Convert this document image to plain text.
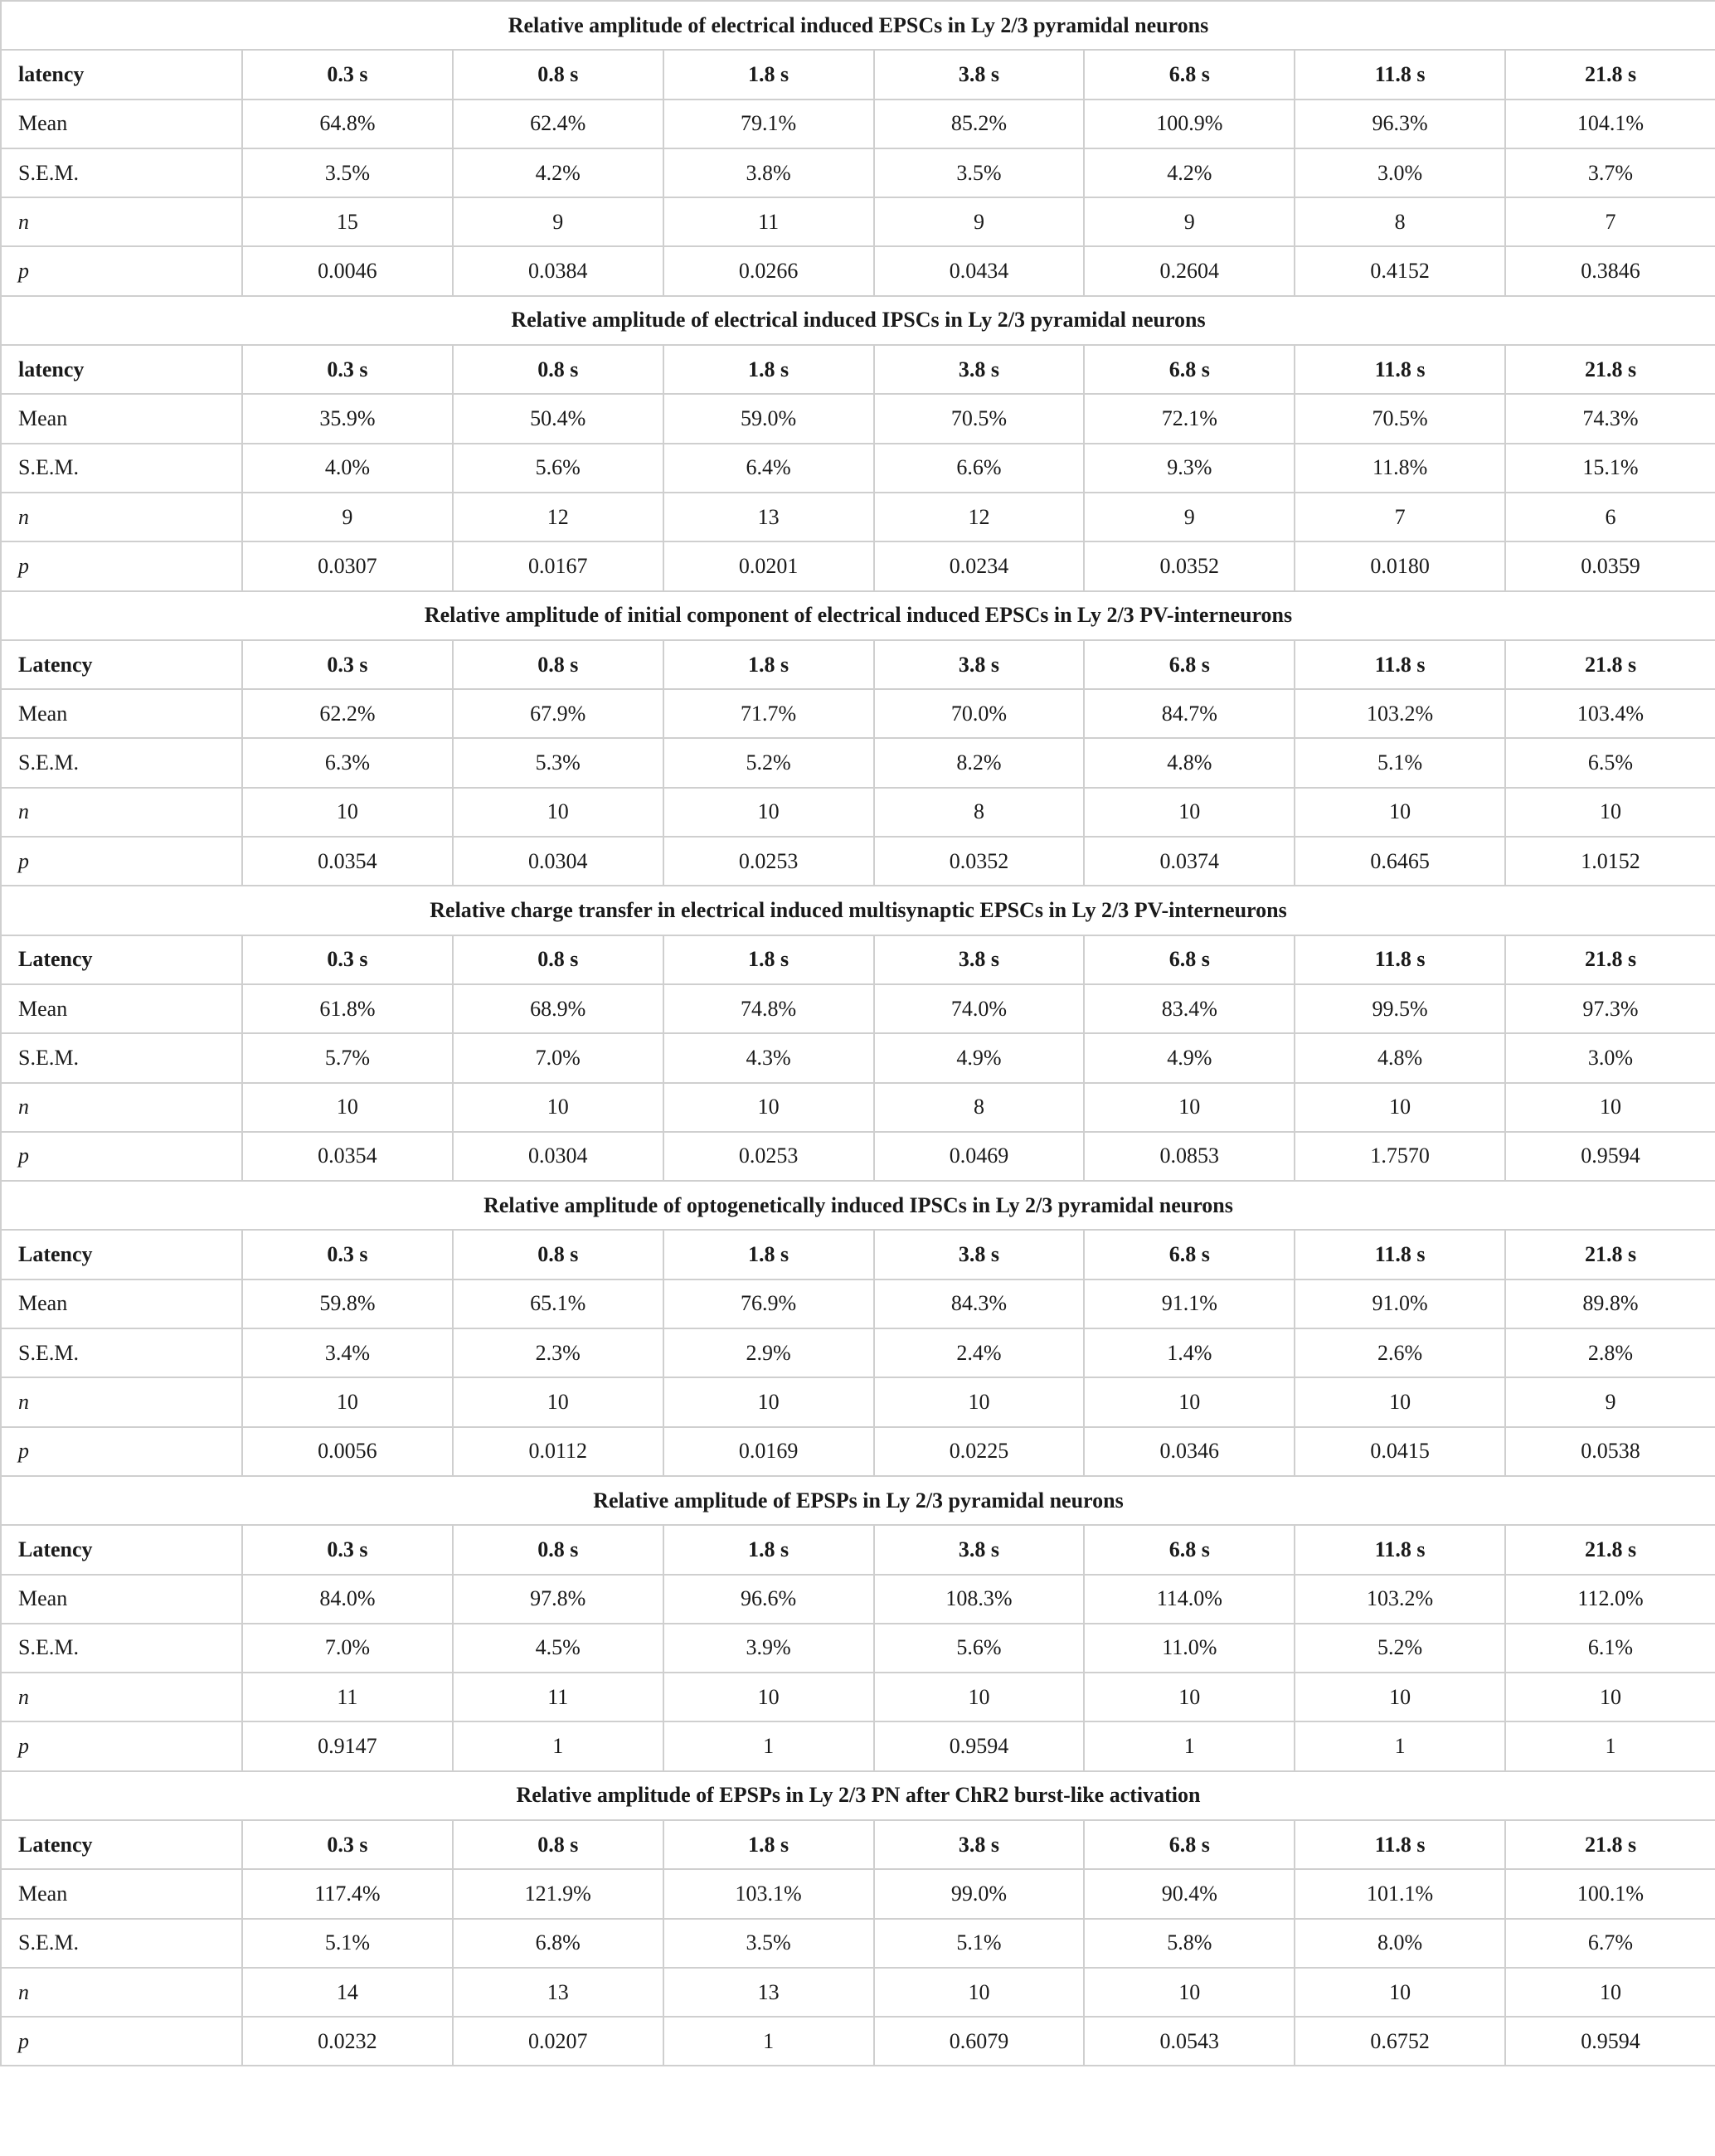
Relative amplitude of electrical induced EPSCs in Ly 2/3 pyramidal neurons							
latency	0.3 s	0.8 s	1.8 s	3.8 s	6.8 s	11.8 s	21.8 s
Mean	64.8%	62.4%	79.1%	85.2%	100.9%	96.3%	104.1%
S.E.M.	3.5%	4.2%	3.8%	3.5%	4.2%	3.0%	3.7%
n	15	9	11	9	9	8	7
p	0.0046	0.0384	0.0266	0.0434	0.2604	0.4152	0.3846
Relative amplitude of electrical induced IPSCs in Ly 2/3 pyramidal neurons							
latency	0.3 s	0.8 s	1.8 s	3.8 s	6.8 s	11.8 s	21.8 s
Mean	35.9%	50.4%	59.0%	70.5%	72.1%	70.5%	74.3%
S.E.M.	4.0%	5.6%	6.4%	6.6%	9.3%	11.8%	15.1%
n	9	12	13	12	9	7	6
p	0.0307	0.0167	0.0201	0.0234	0.0352	0.0180	0.0359
Relative amplitude of initial component of electrical induced EPSCs in Ly 2/3 PV-interneurons							
Latency	0.3 s	0.8 s	1.8 s	3.8 s	6.8 s	11.8 s	21.8 s
Mean	62.2%	67.9%	71.7%	70.0%	84.7%	103.2%	103.4%
S.E.M.	6.3%	5.3%	5.2%	8.2%	4.8%	5.1%	6.5%
n	10	10	10	8	10	10	10
p	0.0354	0.0304	0.0253	0.0352	0.0374	0.6465	1.0152
Relative charge transfer in electrical induced multisynaptic EPSCs in Ly 2/3 PV-interneurons							
Latency	0.3 s	0.8 s	1.8 s	3.8 s	6.8 s	11.8 s	21.8 s
Mean	61.8%	68.9%	74.8%	74.0%	83.4%	99.5%	97.3%
S.E.M.	5.7%	7.0%	4.3%	4.9%	4.9%	4.8%	3.0%
n	10	10	10	8	10	10	10
p	0.0354	0.0304	0.0253	0.0469	0.0853	1.7570	0.9594
Relative amplitude of optogenetically induced IPSCs in Ly 2/3 pyramidal neurons							
Latency	0.3 s	0.8 s	1.8 s	3.8 s	6.8 s	11.8 s	21.8 s
Mean	59.8%	65.1%	76.9%	84.3%	91.1%	91.0%	89.8%
S.E.M.	3.4%	2.3%	2.9%	2.4%	1.4%	2.6%	2.8%
n	10	10	10	10	10	10	9
p	0.0056	0.0112	0.0169	0.0225	0.0346	0.0415	0.0538
Relative amplitude of EPSPs in Ly 2/3 pyramidal neurons							
Latency	0.3 s	0.8 s	1.8 s	3.8 s	6.8 s	11.8 s	21.8 s
Mean	84.0%	97.8%	96.6%	108.3%	114.0%	103.2%	112.0%
S.E.M.	7.0%	4.5%	3.9%	5.6%	11.0%	5.2%	6.1%
n	11	11	10	10	10	10	10
p	0.9147	1	1	0.9594	1	1	1
Relative amplitude of EPSPs in Ly 2/3 PN after ChR2 burst-like activation							
Latency	0.3 s	0.8 s	1.8 s	3.8 s	6.8 s	11.8 s	21.8 s
Mean	117.4%	121.9%	103.1%	99.0%	90.4%	101.1%	100.1%
S.E.M.	5.1%	6.8%	3.5%	5.1%	5.8%	8.0%	6.7%
n	14	13	13	10	10	10	10
p	0.0232	0.0207	1	0.6079	0.0543	0.6752	0.9594
